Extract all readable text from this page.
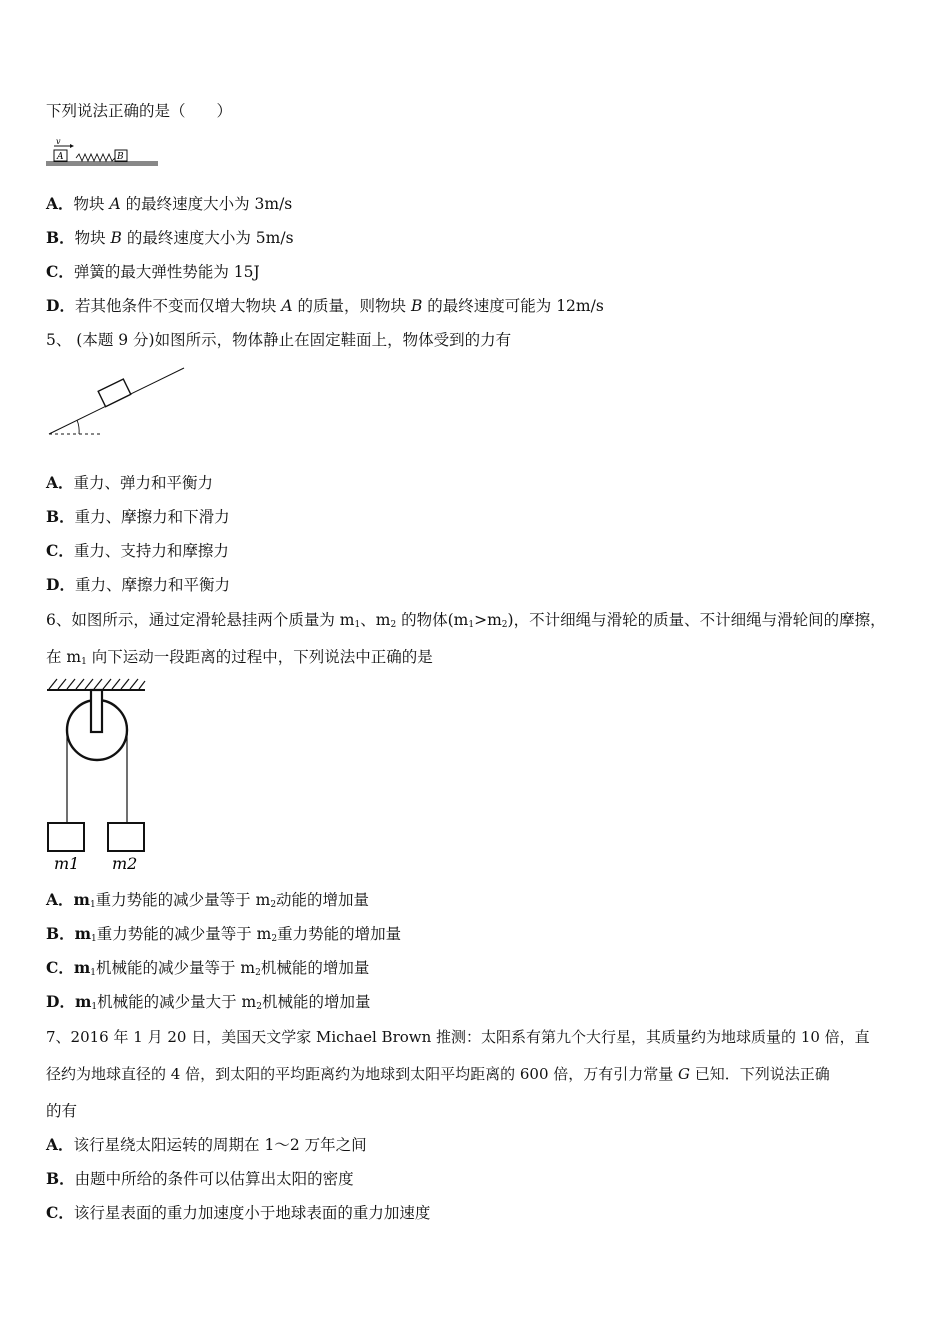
下列说法正确的是（　　）
v
A	B
A．物块 A 的最终速度大小为 3m/s
B．物块 B 的最终速度大小为 5m/s
C．弹簧的最大弹性势能为 15J
D．若其他条件不变而仅增大物块 A 的质量，则物块 B 的最终速度可能为 12m/s
5、 (本题 9 分)如图所示，物体静止在固定鞋面上，物体受到的力有
A．重力、弹力和平衡力
B．重力、摩擦力和下滑力
C．重力、支持力和摩擦力
D．重力、摩擦力和平衡力
6、如图所示，通过定滑轮悬挂两个质量为 $m_1$、$m_2$ 的物体$(m_1>m_2)$，不计细绳与滑轮的质量、不计细绳与滑轮间的摩擦，
在 $m_1$ 向下运动一段距离的过程中，下列说法中正确的是
m1 m2
A．$m_1$重力势能的减少量等于 $m_2$动能的增加量
B．$m_1$重力势能的减少量等于 $m_2$重力势能的增加量
C．$m_1$机械能的减少量等于 $m_2$机械能的增加量
D．$m_1$机械能的减少量大于 $m_2$机械能的增加量
7、2016 年 1 月 20 日，美国天文学家 Michael Brown 推测：太阳系有第九个大行星，其质量约为地球质量的 10 倍，直
径约为地球直径的 4 倍，到太阳的平均距离约为地球到太阳平均距离的 600 倍，万有引力常量 G 已知．下列说法正确
的有
A．该行星绕太阳运转的周期在 1～2 万年之间
B．由题中所给的条件可以估算出太阳的密度
C．该行星表面的重力加速度小于地球表面的重力加速度
